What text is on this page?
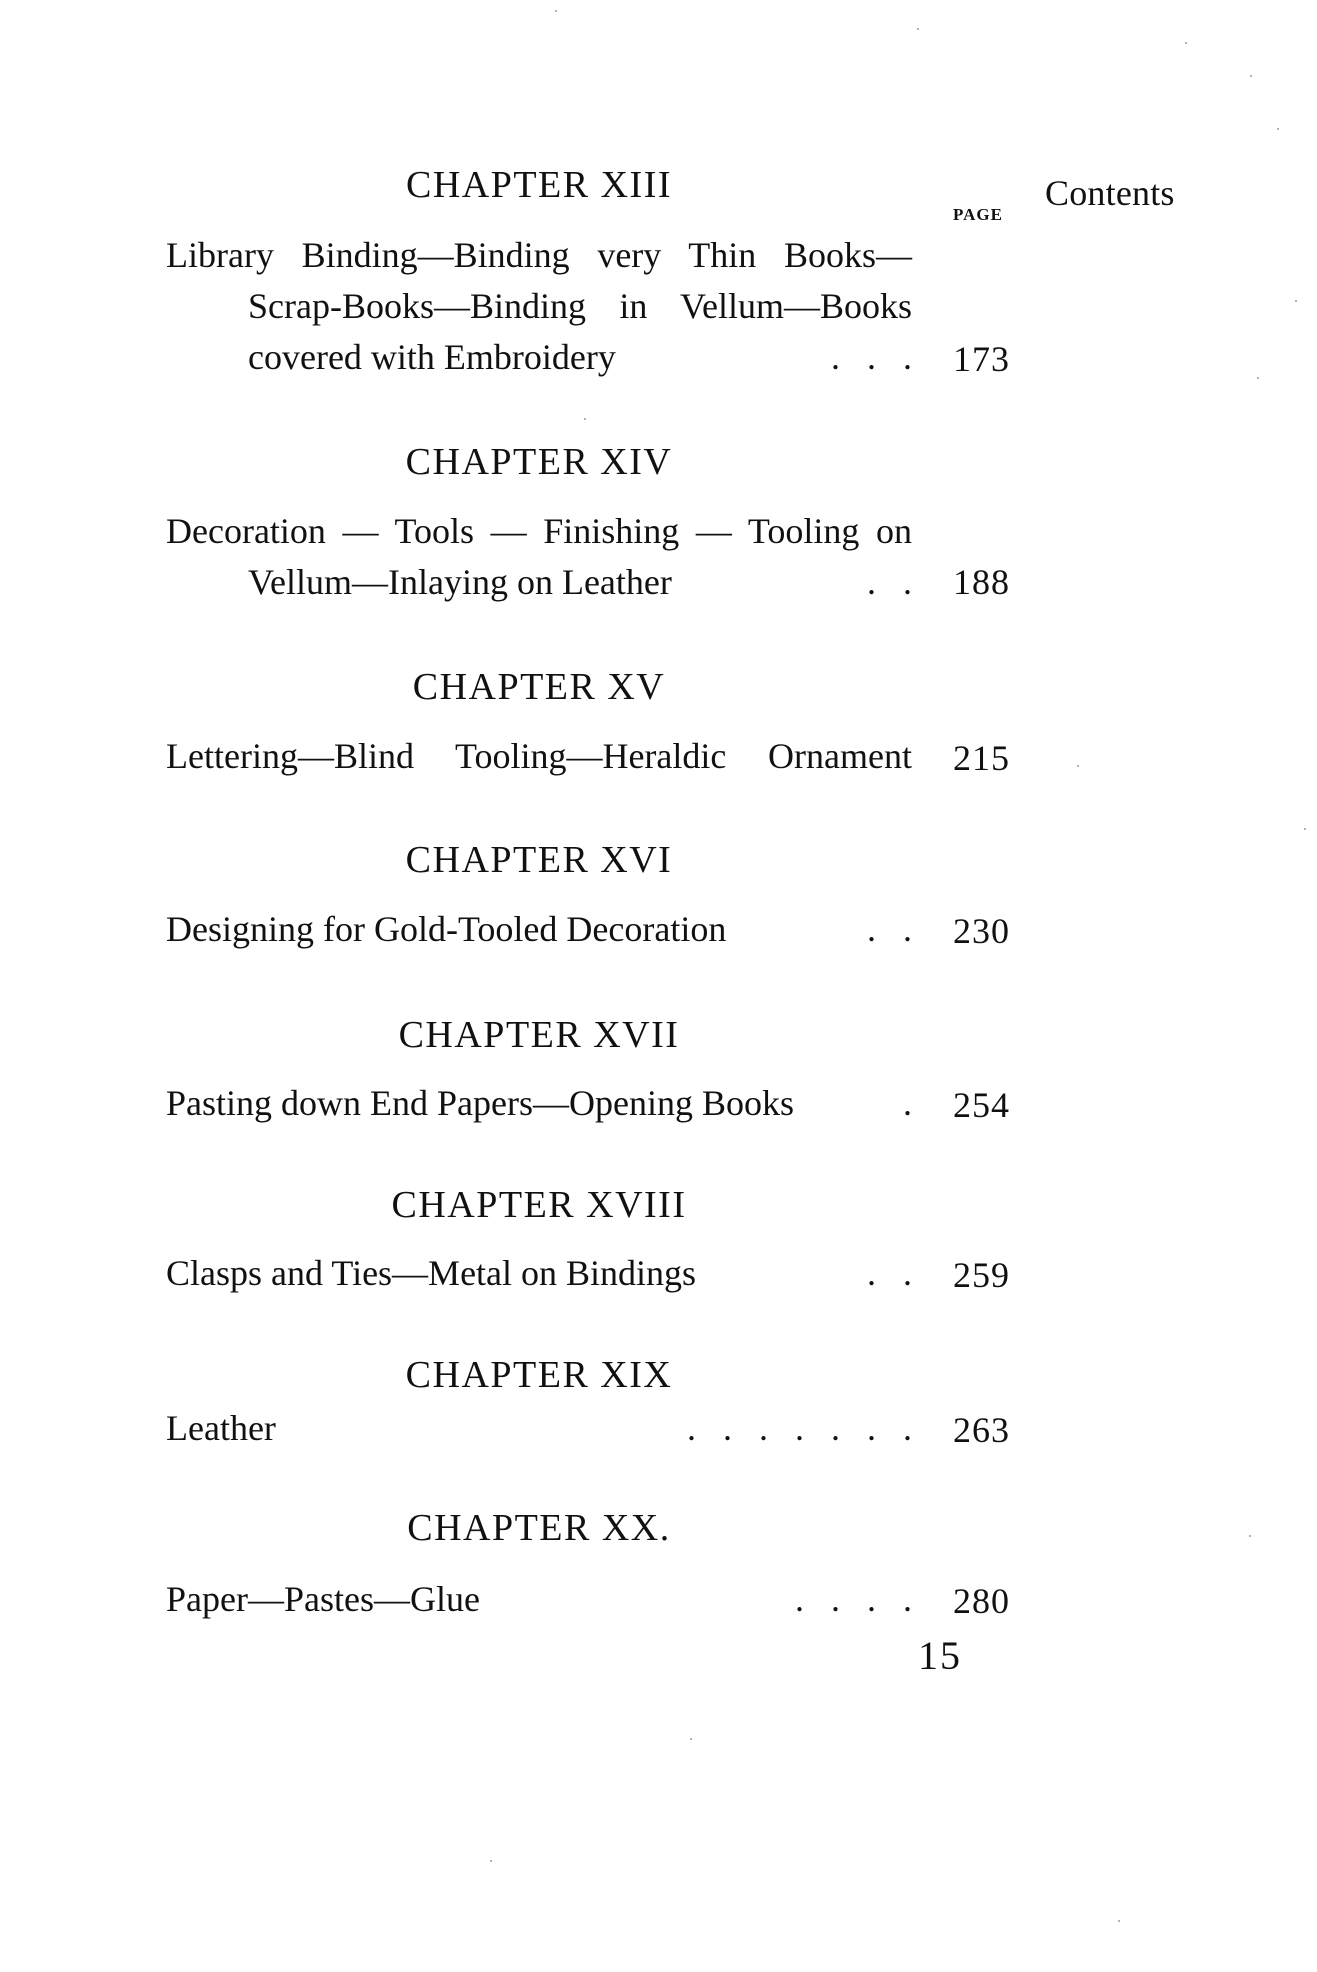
Contents
PAGE
CHAPTER XIII
Library Binding—Binding very Thin Books—
Scrap-Books—Binding in Vellum—Books
covered with Embroidery	.   .   . 173
CHAPTER XIV
Decoration — Tools — Finishing — Tooling on
Vellum—Inlaying on Leather	.   . 188
CHAPTER XV
Lettering—Blind Tooling—Heraldic Ornament 215
CHAPTER XVI
Designing for Gold-Tooled Decoration	.   . 230
CHAPTER XVII
Pasting down End Papers—Opening Books	. 254
CHAPTER XVIII
Clasps and Ties—Metal on Bindings	.   . 259
CHAPTER XIX
Leather	.   .   .   .   .   .   . 263
CHAPTER XX.
Paper—Pastes—Glue	.   .   .   . 280
15
